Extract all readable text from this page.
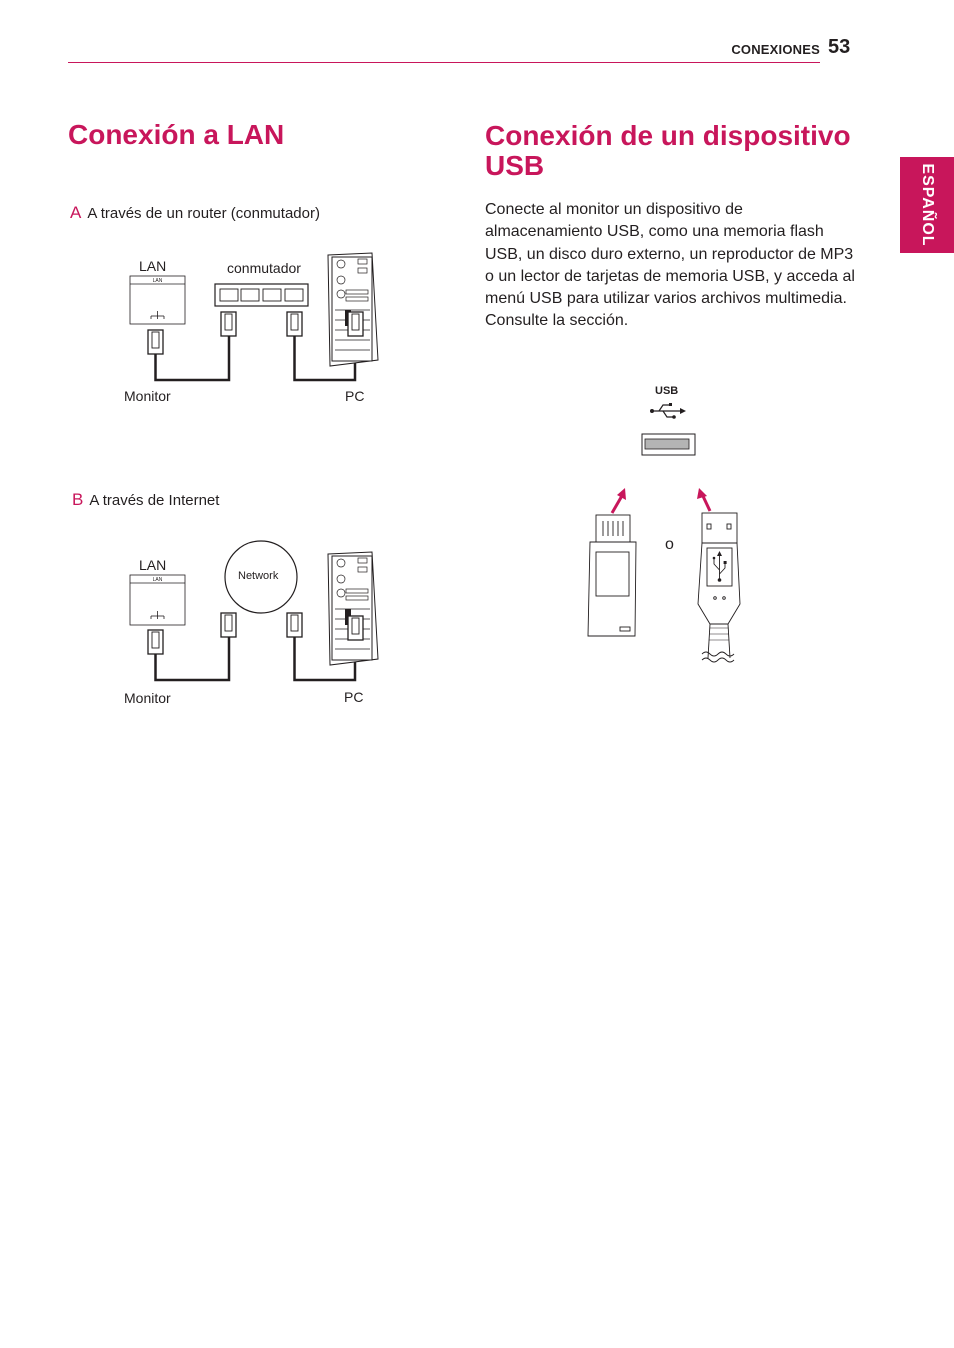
CONEXIONES 53
ESPAÑOL
Conexión a LAN
A A través de un router (conmutador)
LAN	conmutador
LAN
Monitor	PC
B A través de Internet
LAN
LAN	Network
Monitor	PC
Conexión de un dispositivo USB

Conecte al monitor un dispositivo de almacenamiento USB, como una memoria flash USB, un disco duro externo, un reproductor de MP3 o un lector de tarjetas de memoria USB, y acceda al menú USB para utilizar varios archivos multimedia. Consulte la sección.

USB
o
